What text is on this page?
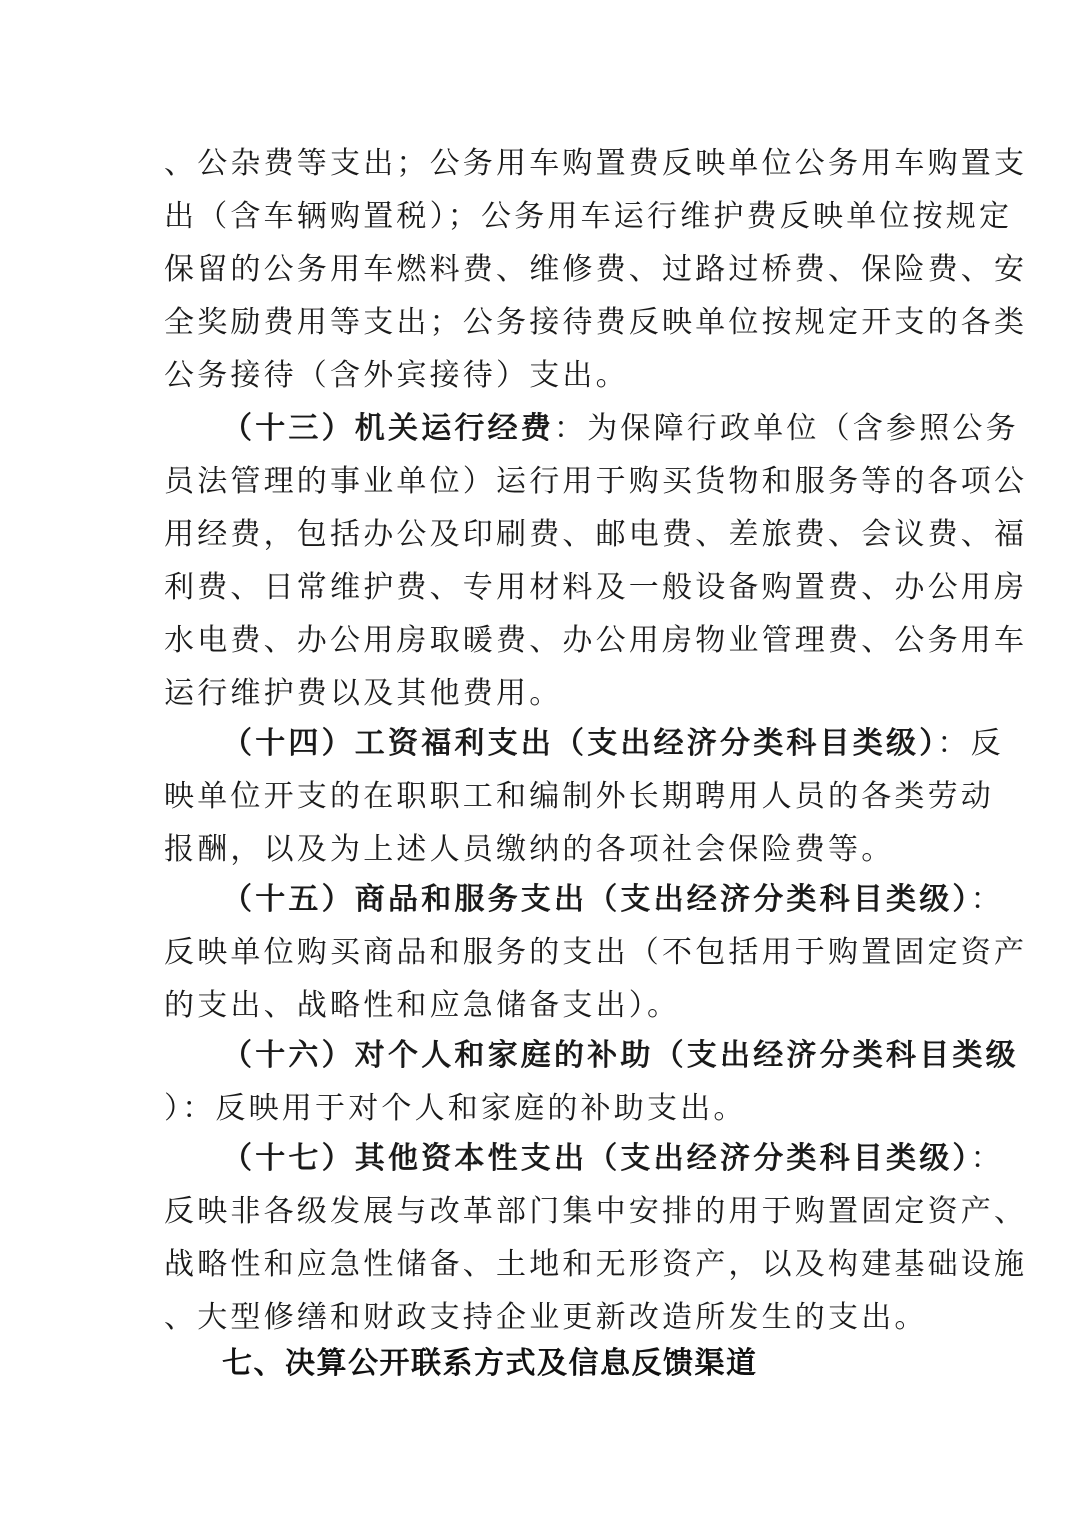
、公杂费等支出；公务用车购置费反映单位公务用车购置支
出（含车辆购置税）；公务用车运行维护费反映单位按规定
保留的公务用车燃料费、维修费、过路过桥费、保险费、安
全奖励费用等支出；公务接待费反映单位按规定开支的各类
公务接待（含外宾接待）支出。
（十三）机关运行经费：为保障行政单位（含参照公务
员法管理的事业单位）运行用于购买货物和服务等的各项公
用经费，包括办公及印刷费、邮电费、差旅费、会议费、福
利费、日常维护费、专用材料及一般设备购置费、办公用房
水电费、办公用房取暖费、办公用房物业管理费、公务用车
运行维护费以及其他费用。
（十四）工资福利支出（支出经济分类科目类级）：反
映单位开支的在职职工和编制外长期聘用人员的各类劳动
报酬，以及为上述人员缴纳的各项社会保险费等。
（十五）商品和服务支出（支出经济分类科目类级）：
反映单位购买商品和服务的支出（不包括用于购置固定资产
的支出、战略性和应急储备支出）。
（十六）对个人和家庭的补助（支出经济分类科目类级
）：反映用于对个人和家庭的补助支出。
（十七）其他资本性支出（支出经济分类科目类级）：
反映非各级发展与改革部门集中安排的用于购置固定资产、
战略性和应急性储备、土地和无形资产，以及构建基础设施
、大型修缮和财政支持企业更新改造所发生的支出。
七、决算公开联系方式及信息反馈渠道
